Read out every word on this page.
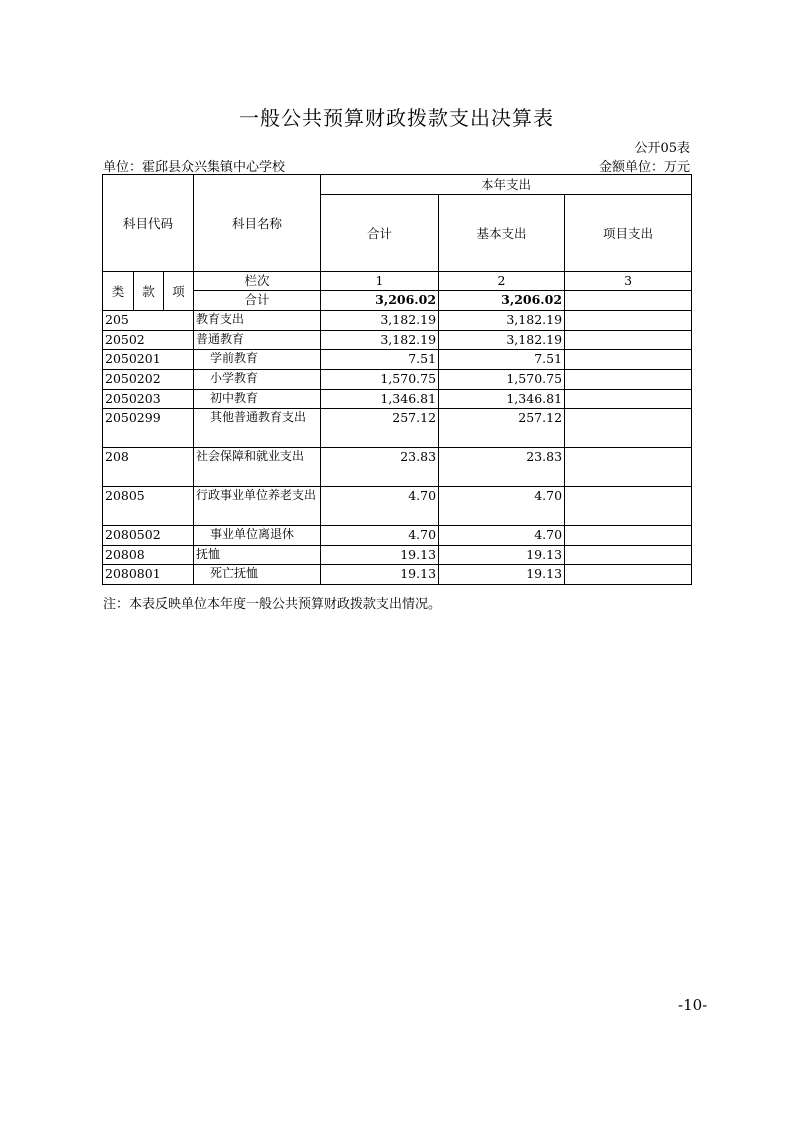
一般公共预算财政拨款支出决算表
公开05表
单位：霍邱县众兴集镇中心学校	金额单位：万元
科目代码			科目名称	本年支出		
				合计	基本支出	项目支出
类	款	项	栏次	1	2	3
			合计	3,206.02	3,206.02	
205			教育支出	3,182.19	3,182.19	
20502			普通教育	3,182.19	3,182.19	
2050201			学前教育	7.51	7.51	
2050202			小学教育	1,570.75	1,570.75	
2050203			初中教育	1,346.81	1,346.81	
2050299			其他普通教育支出	257.12	257.12	
208			社会保障和就业支出	23.83	23.83	
20805			行政事业单位养老支出	4.70	4.70	
2080502			事业单位离退休	4.70	4.70	
20808			抚恤	19.13	19.13	
2080801			死亡抚恤	19.13	19.13	
注：本表反映单位本年度一般公共预算财政拨款支出情况。
-10-
